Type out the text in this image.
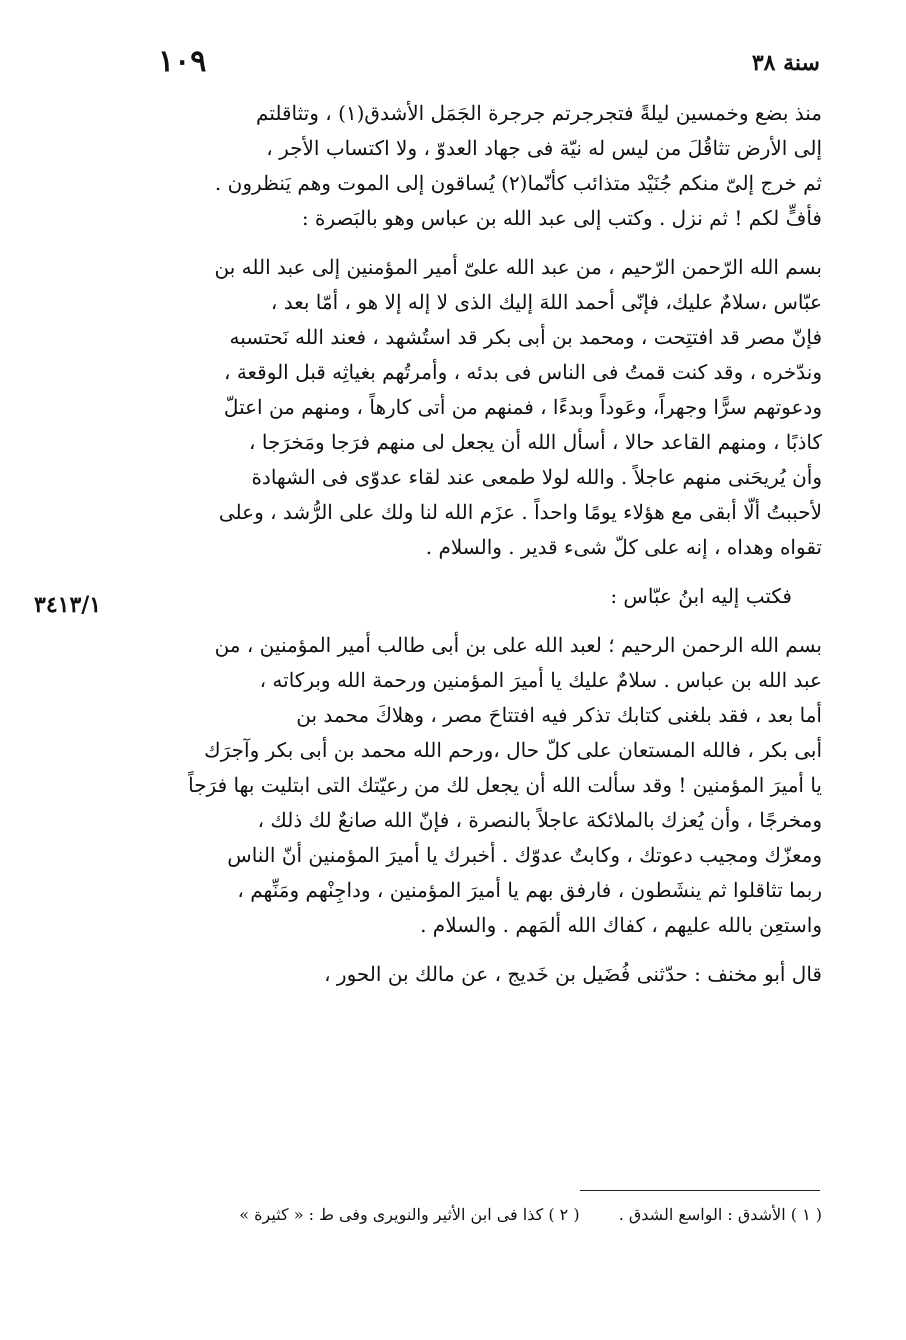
سنة ٣٨
١٠٩
٣٤١٣/١
منذ بضع وخمسين ليلةً فتجرجرتم جرجرة الجَمَل الأشدق(١) ، وتثاقلتم
إلى الأرض تثاقُلَ من ليس له نيّة فى جهاد العدوّ ، ولا اكتساب الأجر ،
ثم خرج إلىّ منكم جُنَيْد متذائب كأنّما(٢) يُساقون إلى الموت وهم يَنظرون .
فأفٍّ لكم ! ثم نزل . وكتب إلى عبد الله بن عباس وهو بالبَصرة :
بسم الله الرّحمن الرّحيم ، من عبد الله علىّ أمير المؤمنين إلى عبد الله بن
عبّاس ،سلامٌ عليك، فإنّى أحمد اللهَ إليك الذى لا إله إلا هو ، أمّا بعد ،
فإنّ مصر قد افتتِحت ، ومحمد بن أبى بكر قد استُشهد ، فعند الله نَحتسبه
وندّخره ، وقد كنت قمتُ فى الناس فى بدئه ، وأمرتُهم بغياثِه قبل الوقعة ،
ودعوتهم سرًّا وجهراً، وعَوداً وبدءًا ، فمنهم من أتى كارهاً ، ومنهم من اعتلّ
كاذبًا ، ومنهم القاعد حالا ، أسأل الله أن يجعل لى منهم فرَجا ومَخرَجا ،
وأن يُريحَنى منهم عاجلاً . والله لولا طمعى عند لقاء عدوّى فى الشهادة
لأحببتُ ألّا أبقى مع هؤلاء يومًا واحداً . عزَم الله لنا ولك على الرُّشد ، وعلى
تقواه وهداه ، إنه على كلّ شىء قدير . والسلام .
فكتب إليه ابنُ عبّاس :
بسم الله الرحمن الرحيم ؛ لعبد الله على بن أبى طالب أمير المؤمنين ، من
عبد الله بن عباس . سلامٌ عليك يا أميرَ المؤمنين ورحمة الله وبركاته ،
أما بعد ، فقد بلغنى كتابك تذكر فيه افتتاحَ مصر ، وهلاكَ محمد بن
أبى بكر ، فالله المستعان على كلّ حال ،ورحم الله محمد بن أبى بكر وآجرَك
يا أميرَ المؤمنين ! وقد سألت الله أن يجعل لك من رعيّتك التى ابتليت بها فرَجاً
ومخرجًا ، وأن يُعزك بالملائكة عاجلاً بالنصرة ، فإنّ الله صانعٌ لك ذلك ،
ومعزّك ومجيب دعوتك ، وكابتٌ عدوّك . أخبرك يا أميرَ المؤمنين أنّ الناس
ربما تثاقلوا ثم ينشَطون ، فارفق بهم يا أميرَ المؤمنين ، وداجِنْهم ومَنِّهم ،
واستعِن بالله عليهم ، كفاك الله ألمَهم . والسلام .
قال أبو مخنف : حدّثنى فُضَيل بن خَديج ، عن مالك بن الحور ،
( ١ ) الأشدق : الواسع الشدق . ( ٢ ) كذا فى ابن الأثير والنويرى وفى ط : « كثيرة »
